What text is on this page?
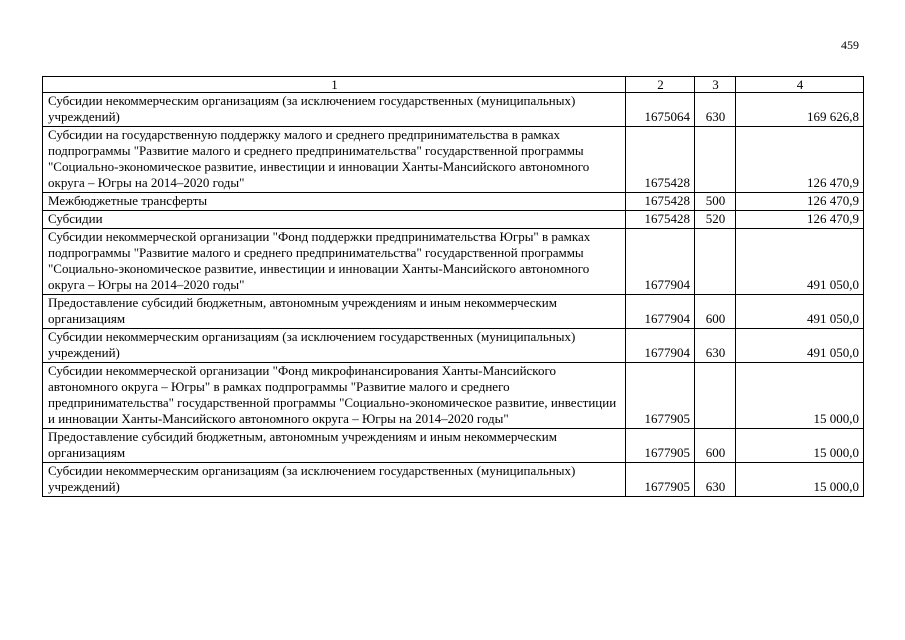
459
1	2	3	4
Субсидии некоммерческим организациям (за исключением государственных (муниципальных) учреждений)	1675064	630	169 626,8
Субсидии на государственную поддержку малого и среднего предпринимательства в рамках подпрограммы "Развитие малого и среднего предпринимательства" государственной программы "Социально-экономическое развитие, инвестиции и инновации Ханты-Мансийского автономного округа – Югры на 2014–2020 годы"	1675428		126 470,9
Межбюджетные трансферты	1675428	500	126 470,9
Субсидии	1675428	520	126 470,9
Субсидии некоммерческой организации "Фонд поддержки предпринимательства Югры" в рамках подпрограммы "Развитие малого и среднего предпринимательства" государственной программы "Социально-экономическое развитие, инвестиции и инновации Ханты-Мансийского автономного округа – Югры на 2014–2020 годы"	1677904		491 050,0
Предоставление субсидий бюджетным, автономным учреждениям и иным некоммерческим организациям	1677904	600	491 050,0
Субсидии некоммерческим организациям (за исключением государственных (муниципальных) учреждений)	1677904	630	491 050,0
Субсидии некоммерческой организации "Фонд микрофинансирования Ханты-Мансийского автономного округа – Югры" в рамках подпрограммы "Развитие малого и среднего предпринимательства" государственной программы "Социально-экономическое развитие, инвестиции и инновации Ханты-Мансийского автономного округа – Югры на 2014–2020 годы"	1677905		15 000,0
Предоставление субсидий бюджетным, автономным учреждениям и иным некоммерческим организациям	1677905	600	15 000,0
Субсидии некоммерческим организациям (за исключением государственных (муниципальных) учреждений)	1677905	630	15 000,0
